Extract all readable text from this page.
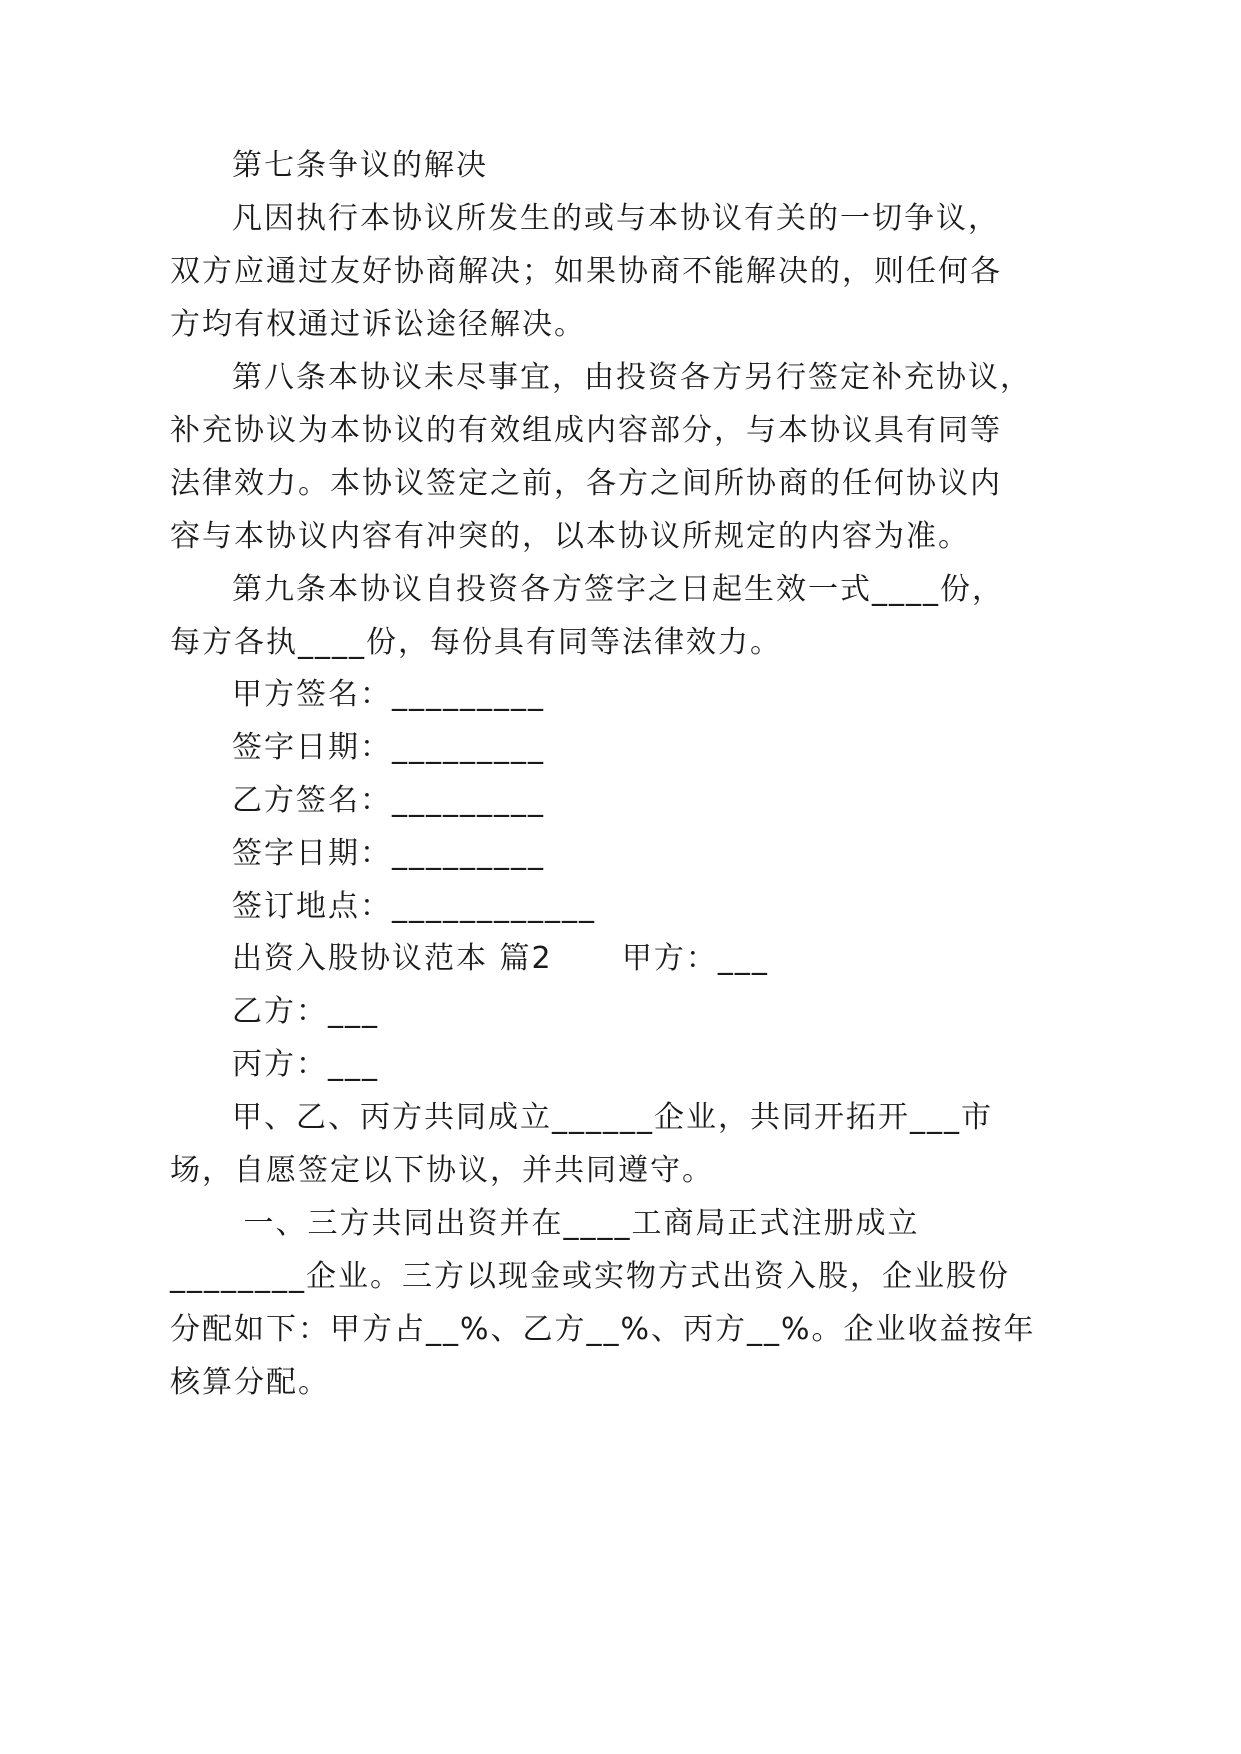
第七条争议的解决
凡因执行本协议所发生的或与本协议有关的一切争议，
双方应通过友好协商解决；如果协商不能解决的，则任何各
方均有权通过诉讼途径解决。
第八条本协议未尽事宜，由投资各方另行签定补充协议，
补充协议为本协议的有效组成内容部分，与本协议具有同等
法律效力。本协议签定之前，各方之间所协商的任何协议内
容与本协议内容有冲突的，以本协议所规定的内容为准。
第九条本协议自投资各方签字之日起生效一式____份，
每方各执____份，每份具有同等法律效力。
甲方签名：_________
签字日期：_________
乙方签名：_________
签字日期：_________
签订地点：____________
出资入股协议范本 篇2      甲方：___
乙方：___
丙方：___
甲、乙、丙方共同成立______企业，共同开拓开___市
场，自愿签定以下协议，并共同遵守。
一、三方共同出资并在____工商局正式注册成立
________企业。三方以现金或实物方式出资入股，企业股份
分配如下：甲方占__%、乙方__%、丙方__%。企业收益按年
核算分配。
